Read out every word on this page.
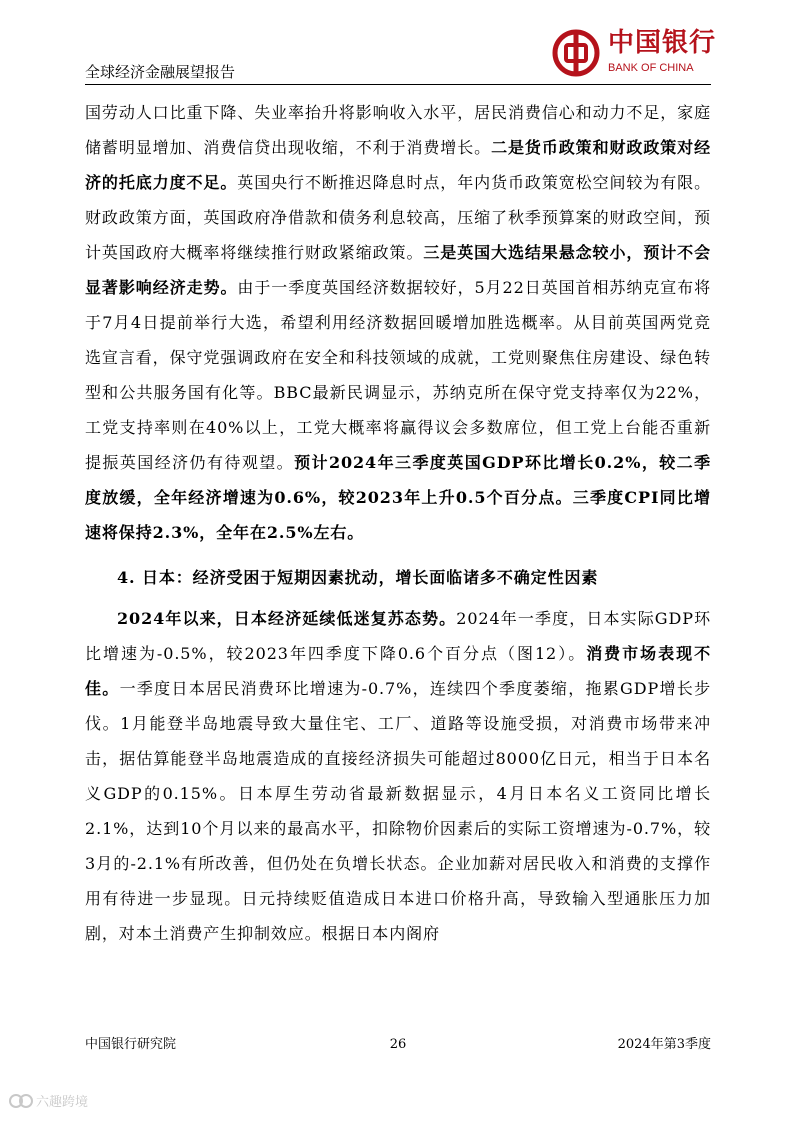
全球经济金融展望报告
中国银行
BANK OF CHINA

国劳动人口比重下降、失业率抬升将影响收入水平，居民消费信心和动力不足，家庭储蓄明显增加、消费信贷出现收缩，不利于消费增长。二是货币政策和财政政策对经济的托底力度不足。英国央行不断推迟降息时点，年内货币政策宽松空间较为有限。财政政策方面，英国政府净借款和债务利息较高，压缩了秋季预算案的财政空间，预计英国政府大概率将继续推行财政紧缩政策。三是英国大选结果悬念较小，预计不会显著影响经济走势。由于一季度英国经济数据较好，5月22日英国首相苏纳克宣布将于7月4日提前举行大选，希望利用经济数据回暖增加胜选概率。从目前英国两党竞选宣言看，保守党强调政府在安全和科技领域的成就，工党则聚焦住房建设、绿色转型和公共服务国有化等。BBC最新民调显示，苏纳克所在保守党支持率仅为22%，工党支持率则在40%以上，工党大概率将赢得议会多数席位，但工党上台能否重新提振英国经济仍有待观望。预计2024年三季度英国GDP环比增长0.2%，较二季度放缓，全年经济增速为0.6%，较2023年上升0.5个百分点。三季度CPI同比增速将保持2.3%，全年在2.5%左右。

4. 日本：经济受困于短期因素扰动，增长面临诸多不确定性因素

2024年以来，日本经济延续低迷复苏态势。2024年一季度，日本实际GDP环比增速为-0.5%，较2023年四季度下降0.6个百分点（图12）。消费市场表现不佳。一季度日本居民消费环比增速为-0.7%，连续四个季度萎缩，拖累GDP增长步伐。1月能登半岛地震导致大量住宅、工厂、道路等设施受损，对消费市场带来冲击，据估算能登半岛地震造成的直接经济损失可能超过8000亿日元，相当于日本名义GDP的0.15%。日本厚生劳动省最新数据显示，4月日本名义工资同比增长2.1%，达到10个月以来的最高水平，扣除物价因素后的实际工资增速为-0.7%，较3月的-2.1%有所改善，但仍处在负增长状态。企业加薪对居民收入和消费的支撑作用有待进一步显现。日元持续贬值造成日本进口价格升高，导致输入型通胀压力加剧，对本土消费产生抑制效应。根据日本内阁府

中国银行研究院	26	2024年第3季度
六趣跨境
